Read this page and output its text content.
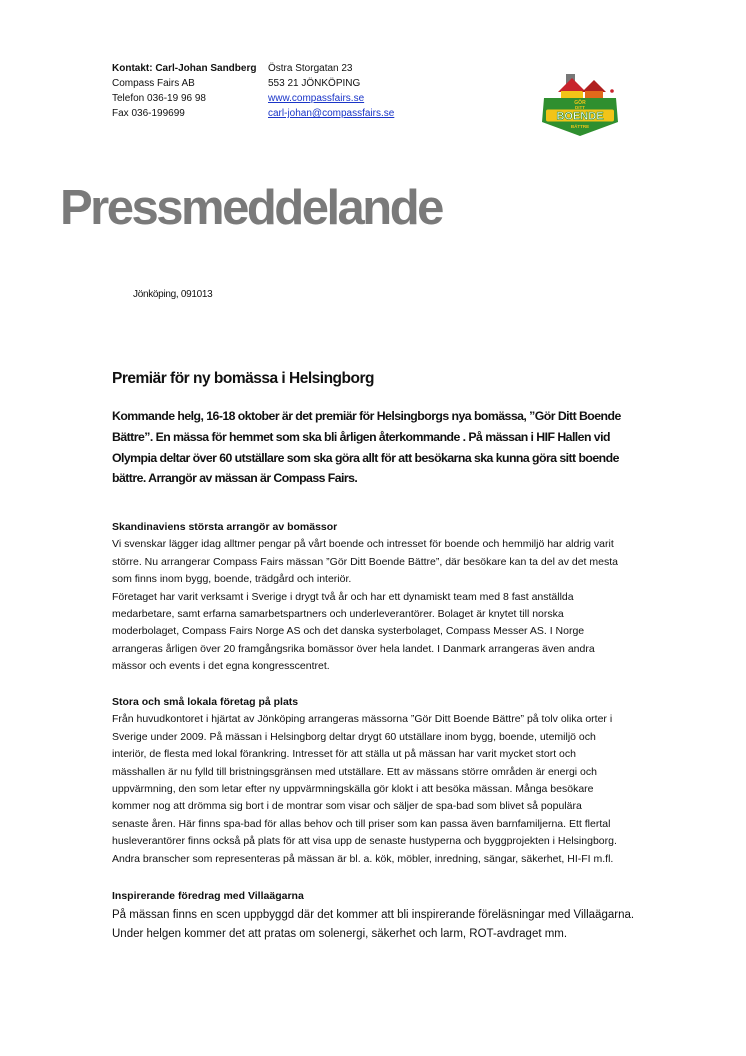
Kontakt: Carl-Johan Sandberg
Compass Fairs AB
Telefon 036-19 96 98
Fax 036-199699
Östra Storgatan 23
553 21 JÖNKÖPING
www.compassfairs.se
carl-johan@compassfairs.se
GÖR
DITT
BOENDE
BÄTTRE
Pressmeddelande
Jönköping, 091013
Premiär för ny bomässa i Helsingborg
Kommande helg, 16-18 oktober är det premiär för Helsingborgs nya bomässa, ”Gör Ditt Boende
Bättre”. En mässa för hemmet som ska bli årligen återkommande . På mässan i HIF Hallen vid
Olympia deltar över 60 utställare som ska göra allt för att besökarna ska kunna göra sitt boende
bättre. Arrangör av mässan är Compass Fairs.
Skandinaviens största arrangör av bomässor
Vi svenskar lägger idag alltmer pengar på vårt boende och intresset för boende och hemmiljö har aldrig varit
större. Nu arrangerar Compass Fairs mässan ”Gör Ditt Boende Bättre”, där besökare kan ta del av det mesta
som finns inom bygg, boende, trädgård och interiör.
Företaget har varit verksamt i Sverige i drygt två år och har ett dynamiskt team med 8 fast anställda
medarbetare, samt erfarna samarbetspartners och underleverantörer. Bolaget är knytet till norska
moderbolaget, Compass Fairs Norge AS och det danska systerbolaget, Compass Messer AS. I Norge
arrangeras årligen över 20 framgångsrika bomässor över hela landet. I Danmark arrangeras även andra
mässor och events i det egna kongresscentret.
Stora och små lokala företag på plats
Från huvudkontoret i hjärtat av Jönköping arrangeras mässorna ”Gör Ditt Boende Bättre” på tolv olika orter i
Sverige under 2009. På mässan i Helsingborg deltar drygt 60 utställare inom bygg, boende, utemiljö och
interiör, de flesta med lokal förankring. Intresset för att ställa ut på mässan har varit mycket stort och
mässhallen är nu fylld till bristningsgränsen med utställare. Ett av mässans större områden är energi och
uppvärmning, den som letar efter ny uppvärmningskälla gör klokt i att besöka mässan. Många besökare
kommer nog att drömma sig bort i de montrar som visar och säljer de spa-bad som blivet så populära
senaste åren. Här finns spa-bad för allas behov och till priser som kan passa även barnfamiljerna. Ett flertal
husleverantörer finns också på plats för att visa upp de senaste hustyperna och byggprojekten i Helsingborg.
Andra branscher som representeras på mässan är bl. a. kök, möbler, inredning, sängar, säkerhet, HI-FI m.fl.
Inspirerande föredrag med Villaägarna
På mässan finns en scen uppbyggd där det kommer att bli inspirerande föreläsningar med Villaägarna.
Under helgen kommer det att pratas om solenergi, säkerhet och larm, ROT-avdraget mm.
